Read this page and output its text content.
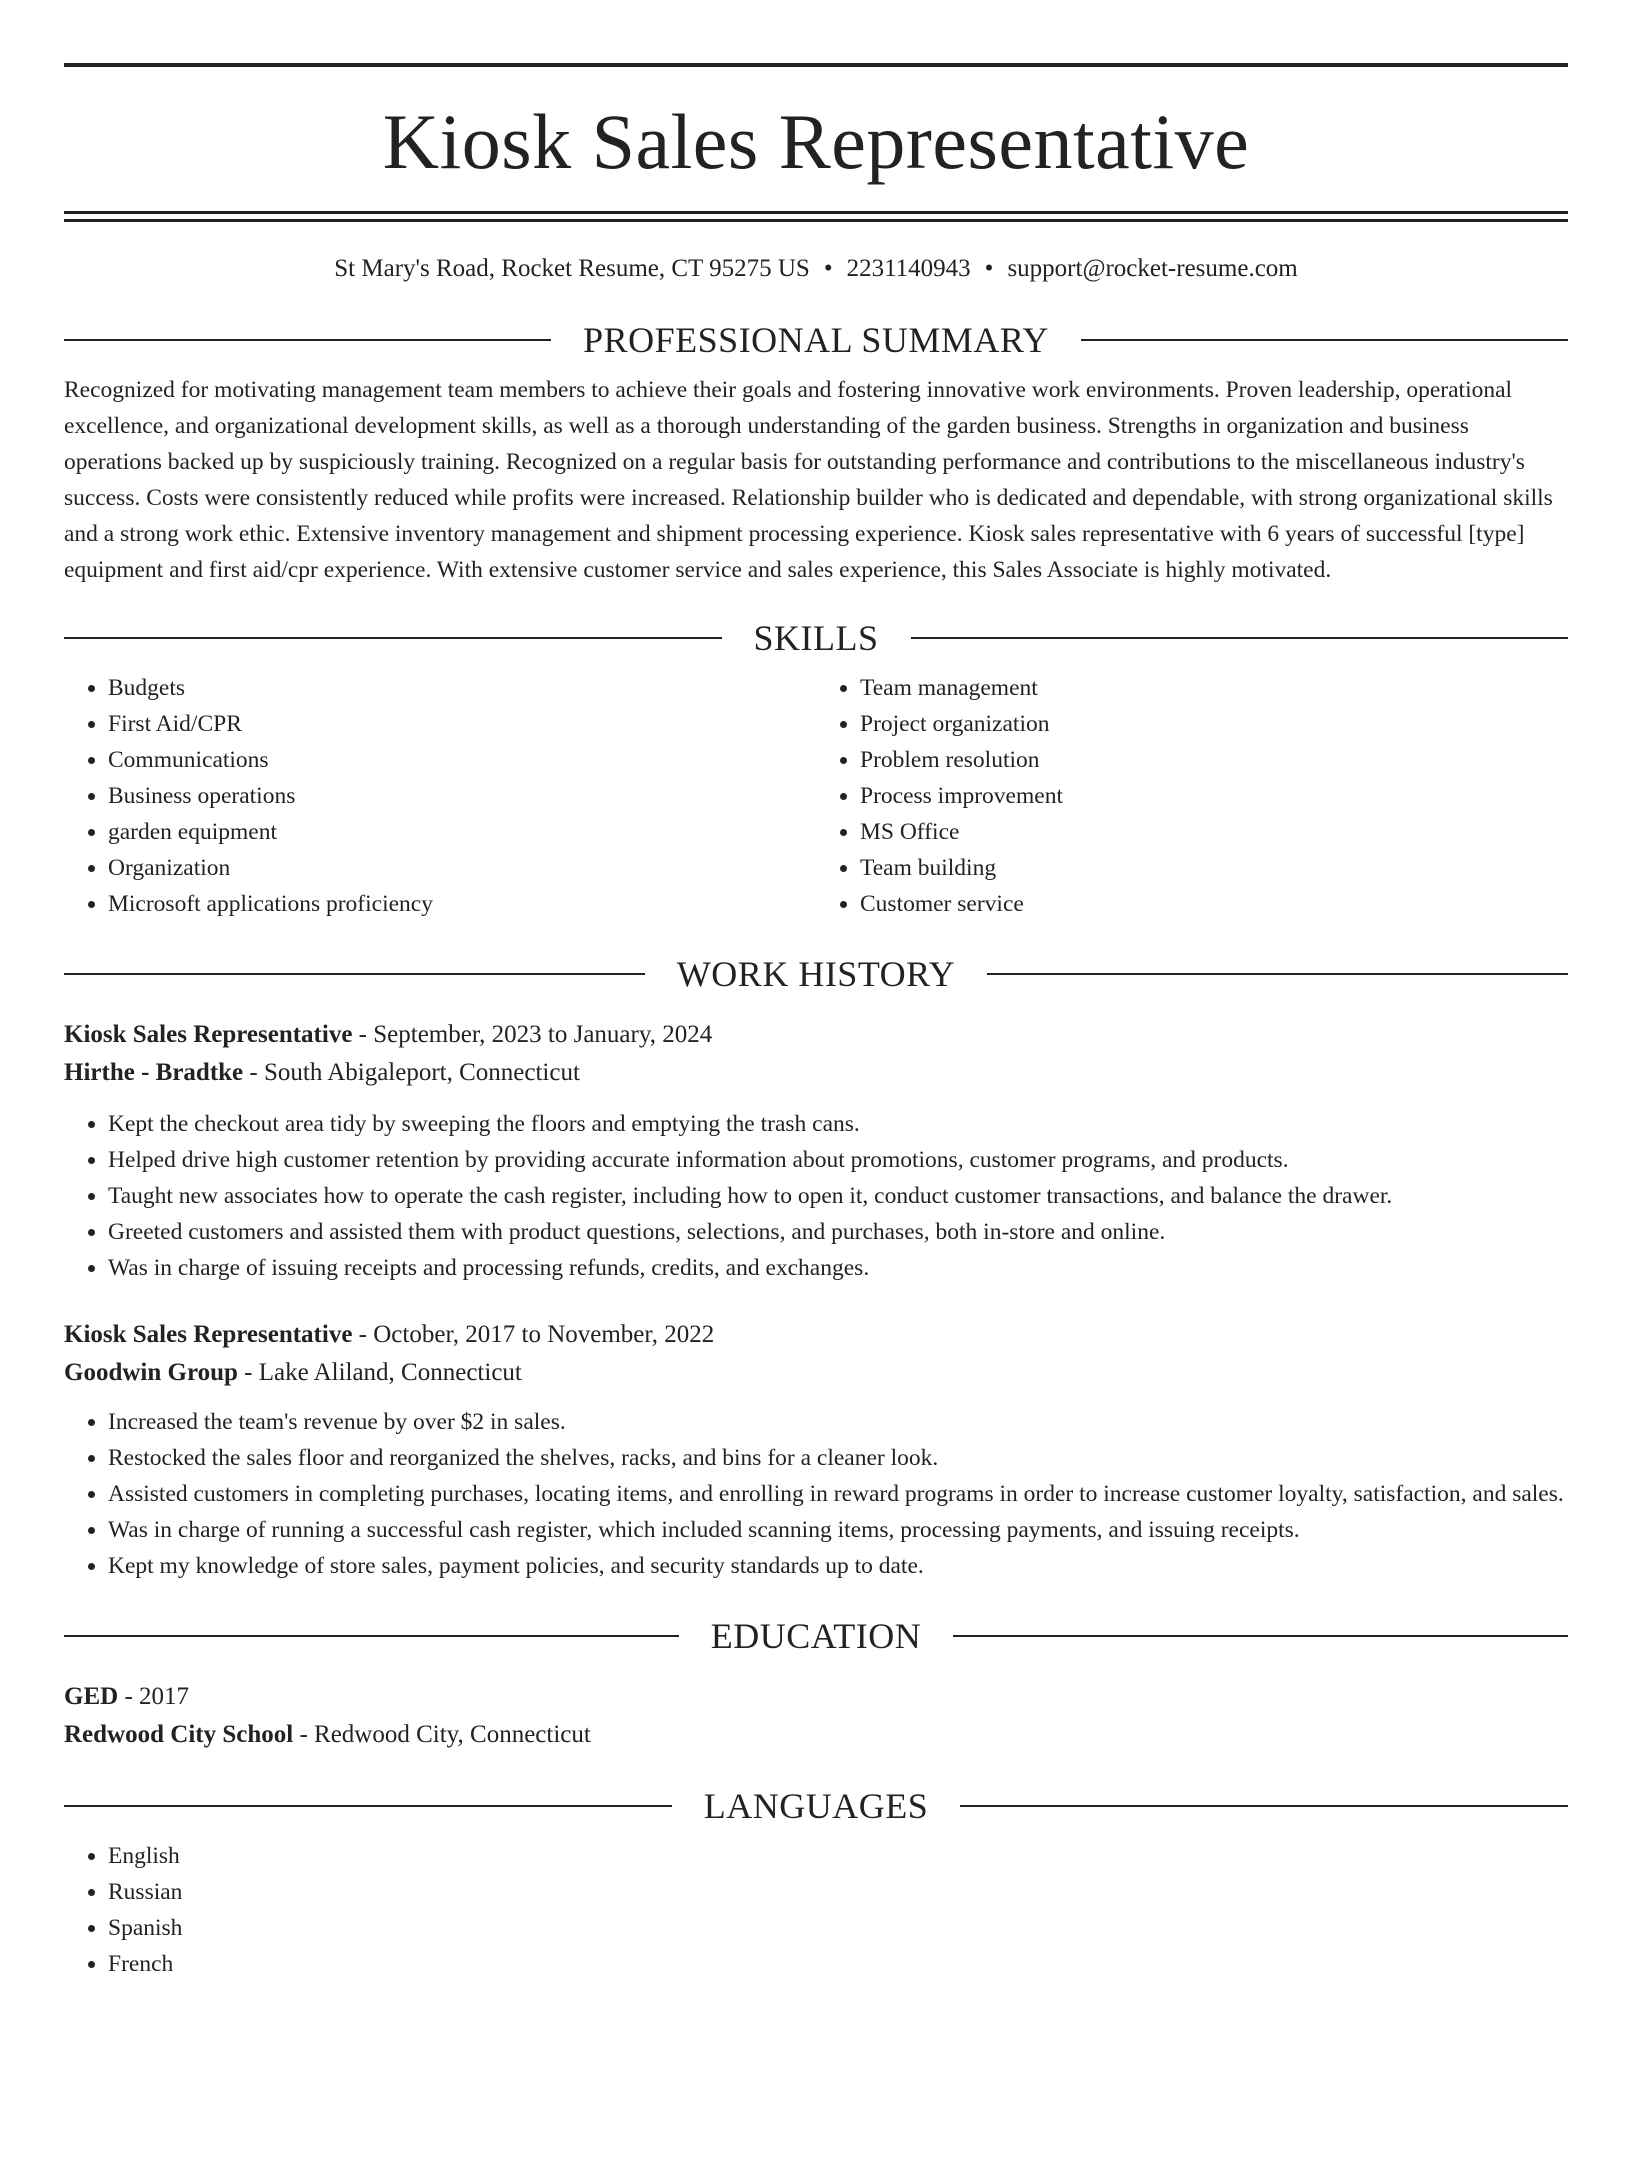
Kiosk Sales Representative
St Mary's Road, Rocket Resume, CT 95275 US • 2231140943 • support@rocket-resume.com
PROFESSIONAL SUMMARY

Recognized for motivating management team members to achieve their goals and fostering innovative work environments. Proven leadership, operational excellence, and organizational development skills, as well as a thorough understanding of the garden business. Strengths in organization and business operations backed up by suspiciously training. Recognized on a regular basis for outstanding performance and contributions to the miscellaneous industry's success. Costs were consistently reduced while profits were increased. Relationship builder who is dedicated and dependable, with strong organizational skills and a strong work ethic. Extensive inventory management and shipment processing experience. Kiosk sales representative with 6 years of successful [type] equipment and first aid/cpr experience. With extensive customer service and sales experience, this Sales Associate is highly motivated.

SKILLS
• Budgets
• First Aid/CPR
• Communications
• Business operations
• garden equipment
• Organization
• Microsoft applications proficiency
• Team management
• Project organization
• Problem resolution
• Process improvement
• MS Office
• Team building
• Customer service
WORK HISTORY
Kiosk Sales Representative - September, 2023 to January, 2024
Hirthe - Bradtke - South Abigaleport, Connecticut
• Kept the checkout area tidy by sweeping the floors and emptying the trash cans.
• Helped drive high customer retention by providing accurate information about promotions, customer programs, and products.
• Taught new associates how to operate the cash register, including how to open it, conduct customer transactions, and balance the drawer.
• Greeted customers and assisted them with product questions, selections, and purchases, both in-store and online.
• Was in charge of issuing receipts and processing refunds, credits, and exchanges.
Kiosk Sales Representative - October, 2017 to November, 2022
Goodwin Group - Lake Aliland, Connecticut
• Increased the team's revenue by over $2 in sales.
• Restocked the sales floor and reorganized the shelves, racks, and bins for a cleaner look.
• Assisted customers in completing purchases, locating items, and enrolling in reward programs in order to increase customer loyalty, satisfaction, and sales.
• Was in charge of running a successful cash register, which included scanning items, processing payments, and issuing receipts.
• Kept my knowledge of store sales, payment policies, and security standards up to date.
EDUCATION
GED - 2017
Redwood City School - Redwood City, Connecticut
LANGUAGES
• English
• Russian
• Spanish
• French
